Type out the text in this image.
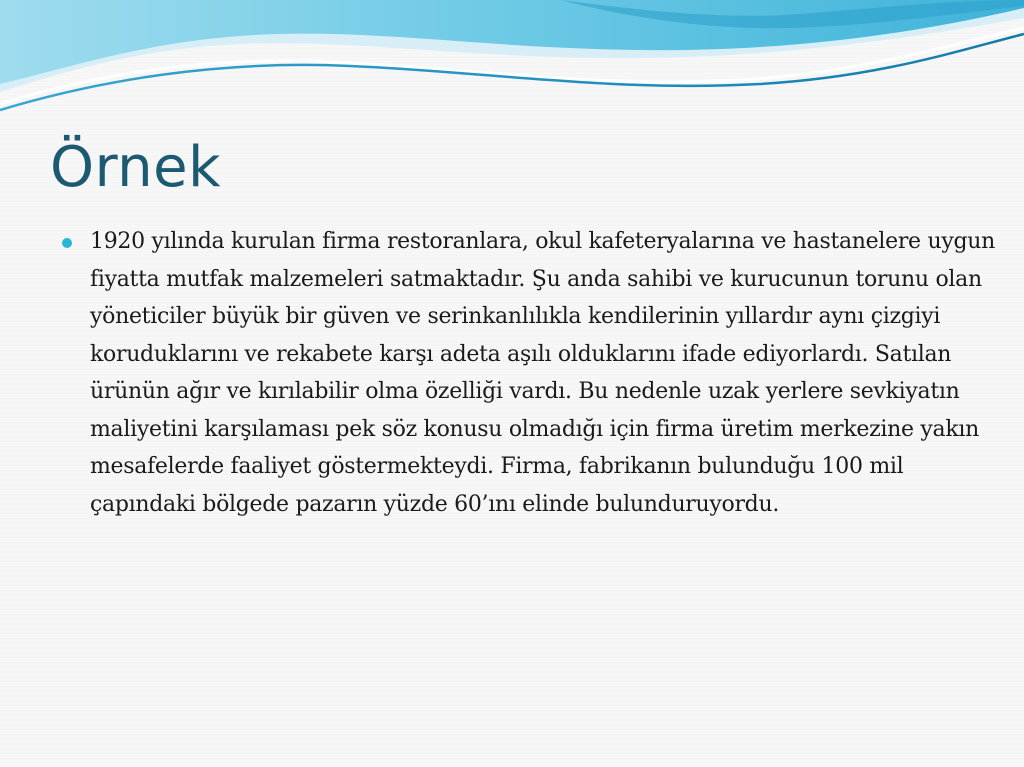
Örnek
1920 yılında kurulan firma restoranlara, okul kafeteryalarına ve hastanelere uygun fiyatta mutfak malzemeleri satmaktadır. Şu anda sahibi ve kurucunun torunu olan yöneticiler büyük bir güven ve serinkanlılıkla kendilerinin yıllardır aynı çizgiyi koruduklarını ve rekabete karşı adeta aşılı olduklarını ifade ediyorlardı. Satılan ürünün ağır ve kırılabilir olma özelliği vardı. Bu nedenle uzak yerlere sevkiyatın maliyetini karşılaması pek söz konusu olmadığı için firma üretim merkezine yakın mesafelerde faaliyet göstermekteydi. Firma, fabrikanın bulunduğu 100 mil çapındaki bölgede pazarın yüzde 60’ını elinde bulunduruyordu.
